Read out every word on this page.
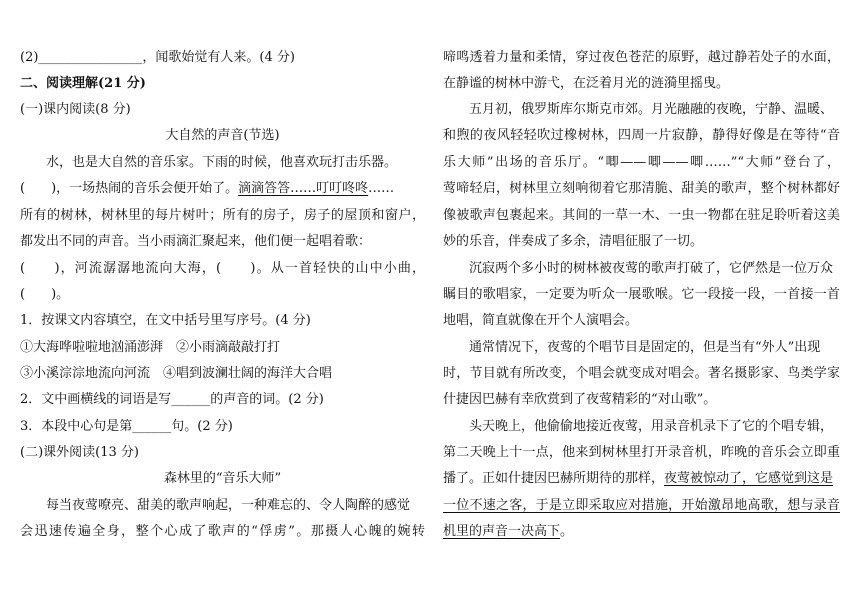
(2)________________，闻歌始觉有人来。(4 分)
二、阅读理解(21 分)
(一)课内阅读(8 分)
大自然的声音(节选)
水，也是大自然的音乐家。下雨的时候，他喜欢玩打击乐器。
(　　)，一场热闹的音乐会便开始了。滴滴答答……叮叮咚咚……
所有的树林，树林里的每片树叶；所有的房子，房子的屋顶和窗户，
都发出不同的声音。当小雨滴汇聚起来，他们便一起唱着歌：
(　　)，河流潺潺地流向大海，(　　)。从一首轻快的山中小曲，
(　　)。
1．按课文内容填空，在文中括号里写序号。(4 分)
①大海哗啦啦地汹涌澎湃　②小雨滴敲敲打打
③小溪淙淙地流向河流　④唱到波澜壮阔的海洋大合唱
2．文中画横线的词语是写______的声音的词。(2 分)
3．本段中心句是第______句。(2 分)
(二)课外阅读(13 分)
森林里的“音乐大师”
每当夜莺嘹亮、甜美的歌声响起，一种难忘的、令人陶醉的感觉
会迅速传遍全身，整个心成了歌声的“俘虏”。那摄人心魄的婉转
啼鸣透着力量和柔情，穿过夜色苍茫的原野，越过静若处子的水面，
在静谧的树林中游弋，在泛着月光的涟漪里摇曳。
五月初，俄罗斯库尔斯克市郊。月光融融的夜晚，宁静、温暖、
和煦的夜风轻轻吹过橡树林，四周一片寂静，静得好像是在等待“音
乐大师”出场的音乐厅。“唧——唧——唧……”“大师”登台了，
莺啼轻启，树林里立刻响彻着它那清脆、甜美的歌声，整个树林都好
像被歌声包裹起来。其间的一草一木、一虫一物都在驻足聆听着这美
妙的乐音，伴奏成了多余，清唱征服了一切。
沉寂两个多小时的树林被夜莺的歌声打破了，它俨然是一位万众
瞩目的歌唱家，一定要为听众一展歌喉。它一段接一段，一首接一首
地唱，简直就像在开个人演唱会。
通常情况下，夜莺的个唱节目是固定的，但是当有“外人”出现
时，节目就有所改变，个唱会就变成对唱会。著名摄影家、鸟类学家
什捷因巴赫有幸欣赏到了夜莺精彩的“对山歌”。
头天晚上，他偷偷地接近夜莺，用录音机录下了它的个唱专辑，
第二天晚上十一点，他来到树林里打开录音机，昨晚的音乐会立即重
播了。正如什捷因巴赫所期待的那样，夜莺被惊动了，它感觉到这是
一位不速之客，于是立即采取应对措施，开始激昂地高歌，想与录音
机里的声音一决高下。
